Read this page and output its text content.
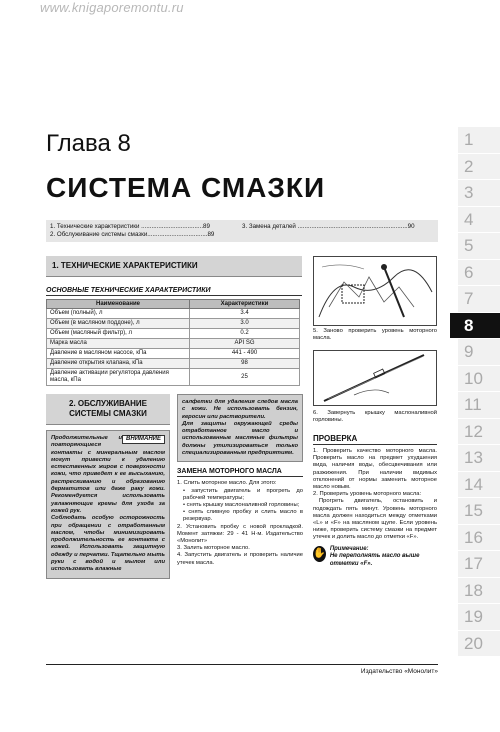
www.knigaporemontu.ru
Глава 8
СИСТЕМА СМАЗКИ
1. Технические характеристики ....................................89
2. Обслуживание системы смазки...................................89
3. Замена деталей ................................................................90
1. ТЕХНИЧЕСКИЕ ХАРАКТЕРИСТИКИ
ОСНОВНЫЕ ТЕХНИЧЕСКИЕ ХАРАКТЕРИСТИКИ
Наименование	Характеристики
Объем (полный), л	3.4
Объем (в масляном поддоне), л	3.0
Объем (масляный фильтр), л	0.2
Марка масла	API SG
Давление в масляном насосе, кПа	441 - 490
Давление открытия клапана, кПа	98
Давление активации регулятора давления масла, кПа	25
2. ОБСЛУЖИВАНИЕ СИСТЕМЫ СМАЗКИ
ВНИМАНИЕ
Продолжительные и повторяющиеся контакты с минеральным маслом могут привести к удалению естественных жиров с поверхности кожи, что приведет к ее высыханию, растрескиванию и образованию дерматитов или даже раку кожи. Рекомендуется использовать увлажняющие кремы для ухода за кожей рук.
Соблюдать особую осторожность при обращении с отработанным маслом, чтобы минимизировать продолжительность ее контакта с кожей. Использовать защитную одежду и перчатки. Тщательно мыть руки с водой и мылом или использовать влажные
салфетки для удаления следов масла с кожи. Не использовать бензин, керосин или растворители.
Для защиты окружающей среды отработанное масло и использованные масляные фильтры должны утилизироваться только специализированным предприятиям.
ЗАМЕНА МОТОРНОГО МАСЛА
1. Слить моторное масло. Для этого:
• запустить двигатель и прогреть до рабочей температуры;
• снять крышку маслоналивной горловины;
• снять сливную пробку и слить масло в резервуар.
2. Установить пробку с новой прокладкой. Момент затяжки: 29 - 41 Н·м. Издательство «Монолит»
3. Залить моторное масло.
4. Запустить двигатель и проверить наличие утечек масла.
5. Заново проверить уровень моторного масла.
6. Завернуть крышку маслоналивной горловины.
ПРОВЕРКА
1. Проверить качество моторного масла. Проверить масло на предмет ухудшения вида, наличия воды, обесцвечивания или разжижения. При наличии видимых отклонений от нормы заменить моторное масло новым.
2. Проверить уровень моторного масла:
Прогреть двигатель, остановить и подождать пять минут. Уровень моторного масла должен находиться между отметками «L» и «F» на масляном щупе. Если уровень ниже, проверить систему смазки на предмет утечек и долить масло до отметки «F».
✋ Примечание:
Не переполнять масло выше отметки «F».
1
2
3
4
5
6
7
8
9
10
11
12
13
14
15
16
17
18
19
20
Издательство «Монолит»
